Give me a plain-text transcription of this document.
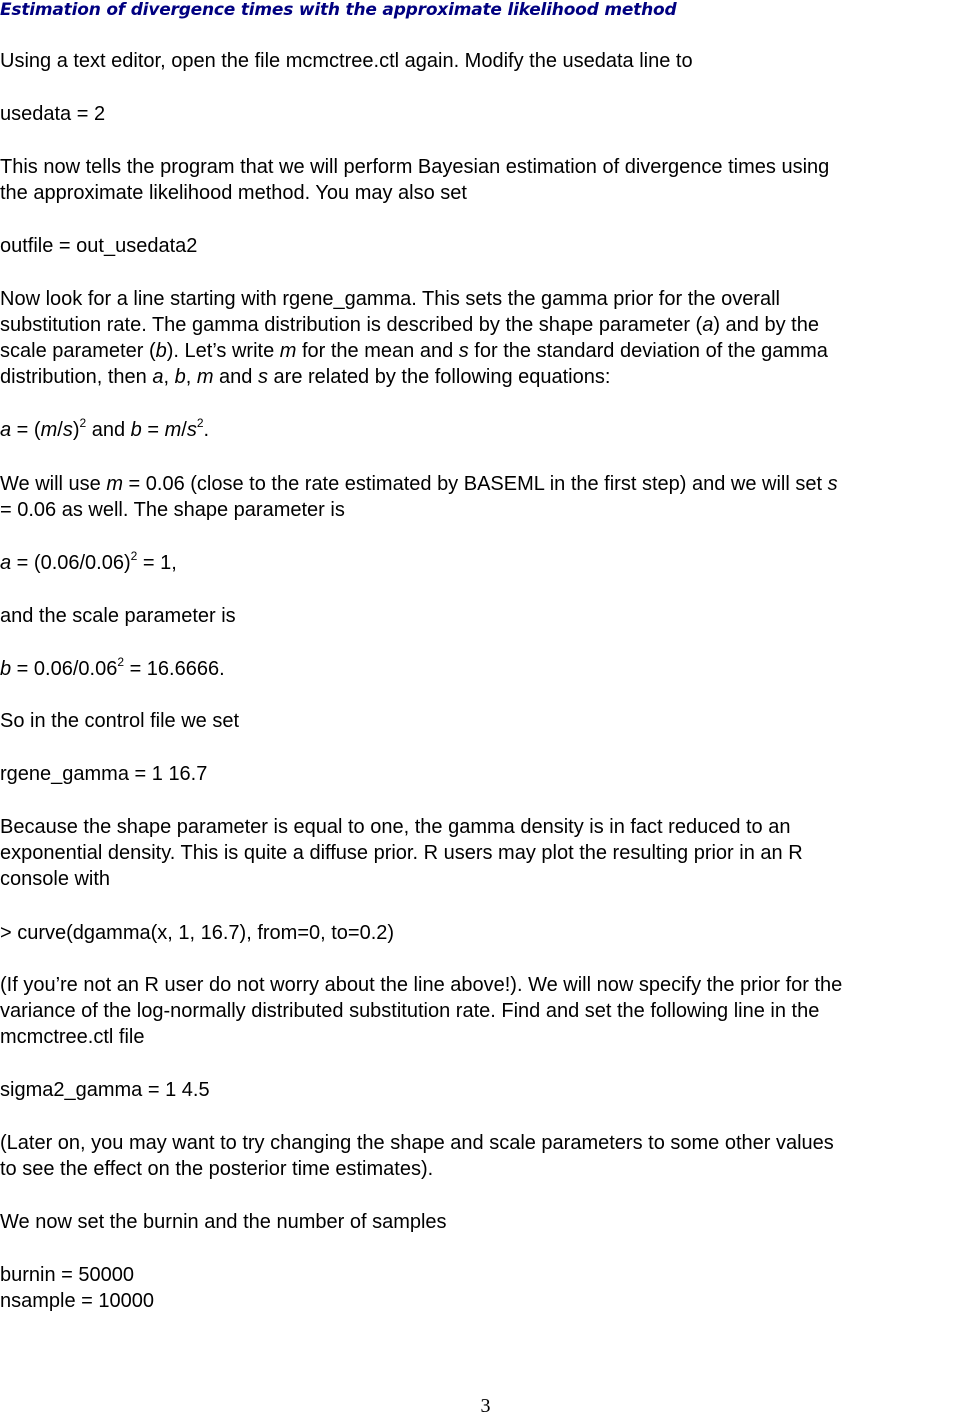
Estimation of divergence times with the approximate likelihood method
Using a text editor, open the file mcmctree.ctl again. Modify the usedata line to
usedata = 2
This now tells the program that we will perform Bayesian estimation of divergence times using
the approximate likelihood method. You may also set
outfile = out_usedata2
Now look for a line starting with rgene_gamma. This sets the gamma prior for the overall
substitution rate. The gamma distribution is described by the shape parameter (a) and by the
scale parameter (b). Let’s write m for the mean and s for the standard deviation of the gamma
distribution, then a, b, m and s are related by the following equations:
$a = (m/s)^2$ and $b = m/s^2$.
We will use m = 0.06 (close to the rate estimated by BASEML in the first step) and we will set s
= 0.06 as well. The shape parameter is
$a = (0.06/0.06)^2 = 1$,
and the scale parameter is
$b = 0.06/0.06^2 = 16.6666$.
So in the control file we set
rgene_gamma = 1 16.7
Because the shape parameter is equal to one, the gamma density is in fact reduced to an
exponential density. This is quite a diffuse prior. R users may plot the resulting prior in an R
console with
> curve(dgamma(x, 1, 16.7), from=0, to=0.2)
(If you’re not an R user do not worry about the line above!). We will now specify the prior for the
variance of the log-normally distributed substitution rate. Find and set the following line in the
mcmctree.ctl file
sigma2_gamma = 1 4.5
(Later on, you may want to try changing the shape and scale parameters to some other values
to see the effect on the posterior time estimates).
We now set the burnin and the number of samples
burnin = 50000
nsample = 10000
3
